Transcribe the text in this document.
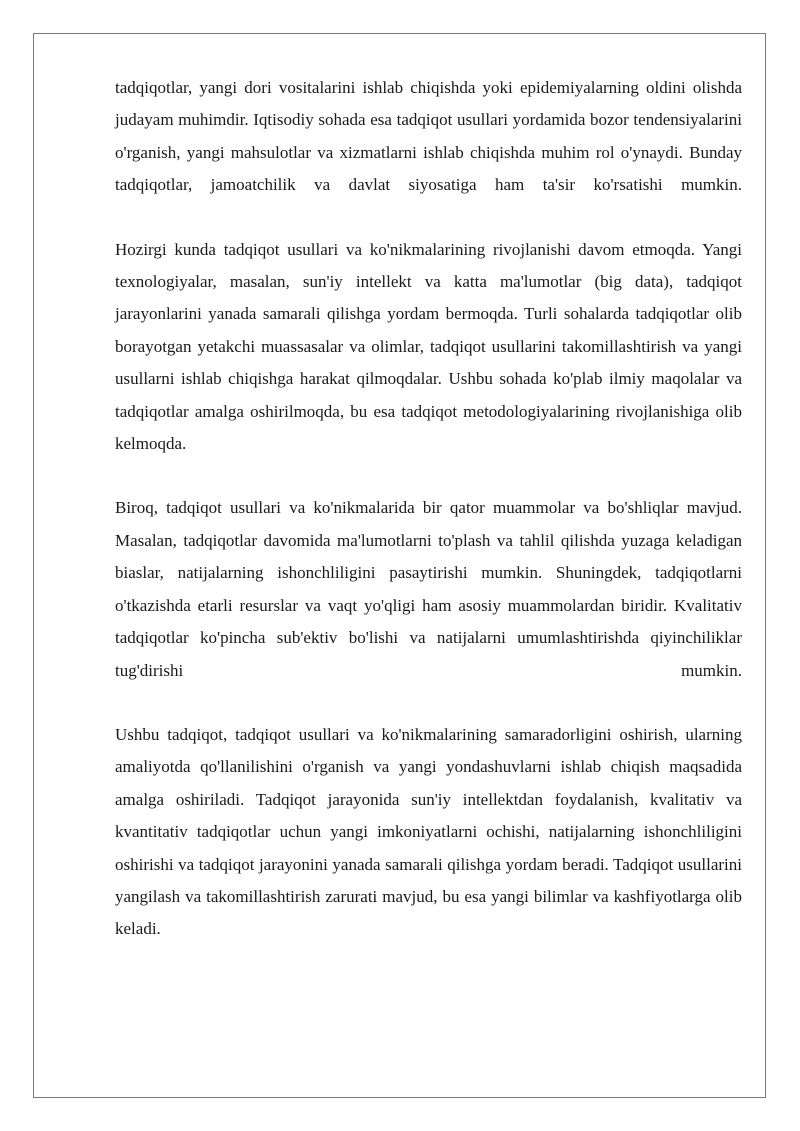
tadqiqotlar, yangi dori vositalarini ishlab chiqishda yoki epidemiyalarning oldini olishda judayam muhimdir. Iqtisodiy sohada esa tadqiqot usullari yordamida bozor tendensiyalarini o'rganish, yangi mahsulotlar va xizmatlarni ishlab chiqishda muhim rol o'ynaydi. Bunday tadqiqotlar, jamoatchilik va davlat siyosatiga ham ta'sir ko'rsatishi mumkin.

Hozirgi kunda tadqiqot usullari va ko'nikmalarining rivojlanishi davom etmoqda. Yangi texnologiyalar, masalan, sun'iy intellekt va katta ma'lumotlar (big data), tadqiqot jarayonlarini yanada samarali qilishga yordam bermoqda. Turli sohalarda tadqiqotlar olib borayotgan yetakchi muassasalar va olimlar, tadqiqot usullarini takomillashtirish va yangi usullarni ishlab chiqishga harakat qilmoqdalar. Ushbu sohada ko'plab ilmiy maqolalar va tadqiqotlar amalga oshirilmoqda, bu esa tadqiqot metodologiyalarining rivojlanishiga olib kelmoqda.

Biroq, tadqiqot usullari va ko'nikmalarida bir qator muammolar va bo'shliqlar mavjud. Masalan, tadqiqotlar davomida ma'lumotlarni to'plash va tahlil qilishda yuzaga keladigan biaslar, natijalarning ishonchliligini pasaytirishi mumkin. Shuningdek, tadqiqotlarni o'tkazishda etarli resurslar va vaqt yo'qligi ham asosiy muammolardan biridir. Kvalitativ tadqiqotlar ko'pincha sub'ektiv bo'lishi va natijalarni umumlashtirishda qiyinchiliklar tug'dirishi mumkin.

Ushbu tadqiqot, tadqiqot usullari va ko'nikmalarining samaradorligini oshirish, ularning amaliyotda qo'llanilishini o'rganish va yangi yondashuvlarni ishlab chiqish maqsadida amalga oshiriladi. Tadqiqot jarayonida sun'iy intellektdan foydalanish, kvalitativ va kvantitativ tadqiqotlar uchun yangi imkoniyatlarni ochishi, natijalarning ishonchliligini oshirishi va tadqiqot jarayonini yanada samarali qilishga yordam beradi. Tadqiqot usullarini yangilash va takomillashtirish zarurati mavjud, bu esa yangi bilimlar va kashfiyotlarga olib keladi.
